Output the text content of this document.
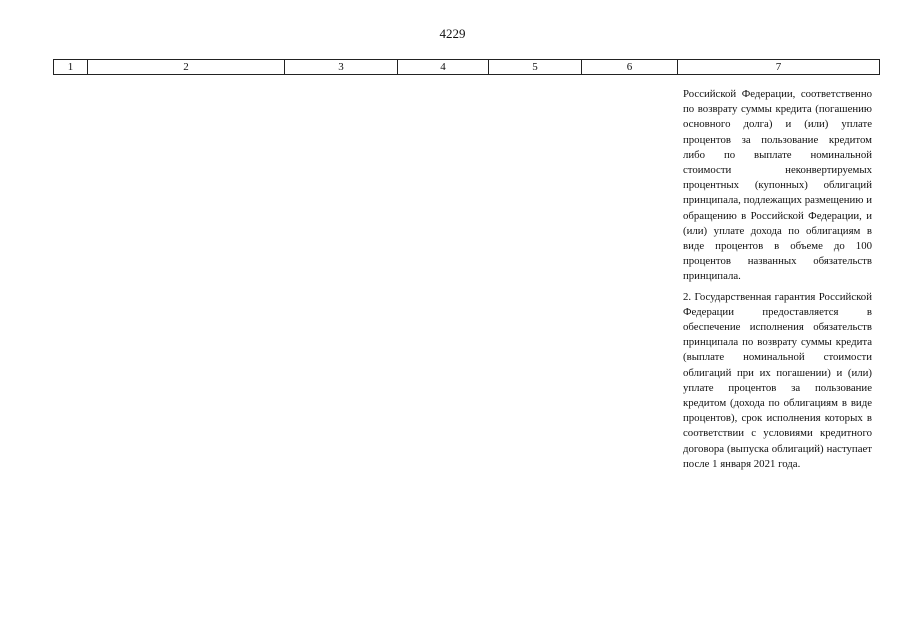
4229
1	2	3	4	5	6	7

Российской Федерации, соответственно по возврату суммы кредита (погашению основного долга) и (или) уплате процентов за пользование кредитом либо по выплате номинальной стоимости неконвертируемых процентных (купонных) облигаций принципала, подлежащих размещению и обращению в Российской Федерации, и (или) уплате дохода по облигациям в виде процентов в объеме до 100 процентов названных обязательств принципала.

2. Государственная гарантия Российской Федерации предоставляется в обеспечение исполнения обязательств принципала по возврату суммы кредита (выплате номинальной стоимости облигаций при их погашении) и (или) уплате процентов за пользование кредитом (дохода по облигациям в виде процентов), срок исполнения которых в соответствии с условиями кредитного договора (выпуска облигаций) наступает после 1 января 2021 года.
